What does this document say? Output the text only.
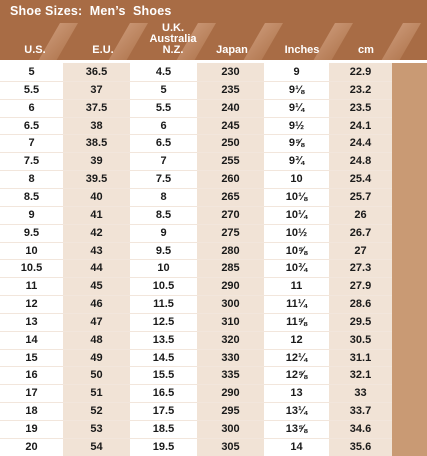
Shoe Sizes:  Men’s  Shoes
U.S.	E.U.
U.K.
Australia
N.Z.	Japan	Inches	cm
5	36.5	4.5	230	9	22.9
5.5	37	5	235	9⅛	23.2
6	37.5	5.5	240	9¼	23.5
6.5	38	6	245	9½	24.1
7	38.5	6.5	250	9⅝	24.4
7.5	39	7	255	9¾	24.8
8	39.5	7.5	260	10	25.4
8.5	40	8	265	10⅛	25.7
9	41	8.5	270	10¼	26
9.5	42	9	275	10½	26.7
10	43	9.5	280	10⅝	27
10.5	44	10	285	10¾	27.3
11	45	10.5	290	11	27.9
12	46	11.5	300	11¼	28.6
13	47	12.5	310	11⅝	29.5
14	48	13.5	320	12	30.5
15	49	14.5	330	12¼	31.1
16	50	15.5	335	12⅝	32.1
17	51	16.5	290	13	33
18	52	17.5	295	13¼	33.7
19	53	18.5	300	13⅝	34.6
20	54	19.5	305	14	35.6
